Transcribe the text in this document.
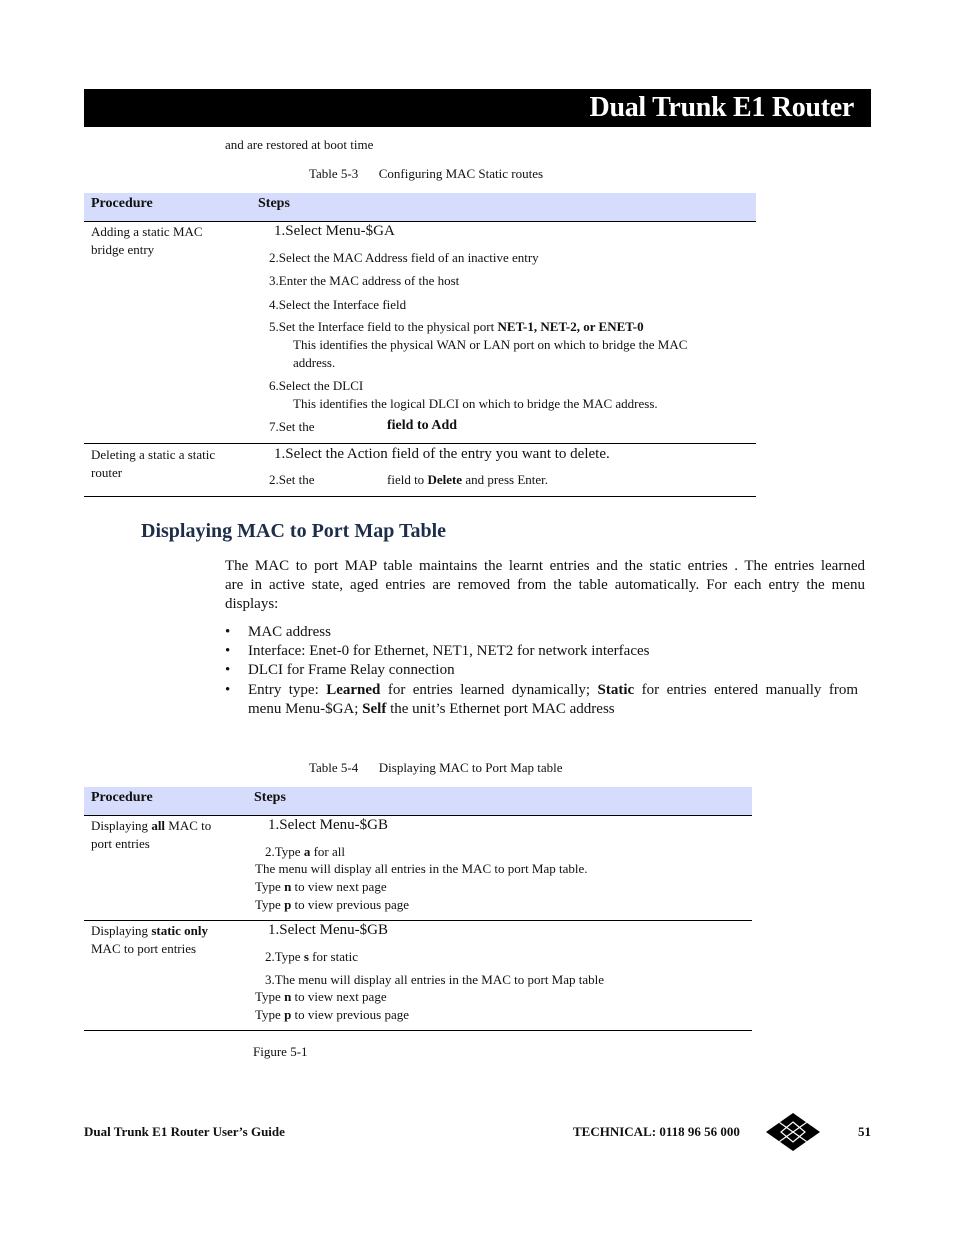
Dual Trunk E1 Router
and are restored at boot time
Table 5-3 Configuring MAC Static routes
Procedure	Steps
Adding a static MAC
bridge entry
1.Select Menu-$GA
2.Select the MAC Address field of an inactive entry
3.Enter the MAC address of the host
4.Select the Interface field
5.Set the Interface field to the physical port NET-1, NET-2, or ENET-0
This identifies the physical WAN or LAN port on which to bridge the MAC
address.
6.Select the DLCI
This identifies the logical DLCI on which to bridge the MAC address.
7.Set the	field to Add
Deleting a static a static
router
1.Select the Action field of the entry you want to delete.
2.Set the	field to Delete and press Enter.
Displaying MAC to Port Map Table
The MAC to port MAP table maintains the learnt entries and the static entries . The entries learned
are in active state, aged entries are removed from the table automatically. For each entry the menu
displays:
• MAC address
• Interface: Enet-0 for Ethernet, NET1, NET2 for network interfaces
• DLCI for Frame Relay connection
• Entry type: Learned for entries learned dynamically; Static for entries entered manually from
menu Menu-$GA; Self the unit’s Ethernet port MAC address
Table 5-4 Displaying MAC to Port Map table
Procedure	Steps
Displaying all MAC to
port entries
1.Select Menu-$GB
2.Type a for all
The menu will display all entries in the MAC to port Map table.
Type n to view next page
Type p to view previous page
Displaying static only
MAC to port entries
1.Select Menu-$GB
2.Type s for static
3.The menu will display all entries in the MAC to port Map table
Type n to view next page
Type p to view previous page
Figure 5-1
Dual Trunk E1 Router User’s Guide	TECHNICAL: 0118 96 56 000	51
